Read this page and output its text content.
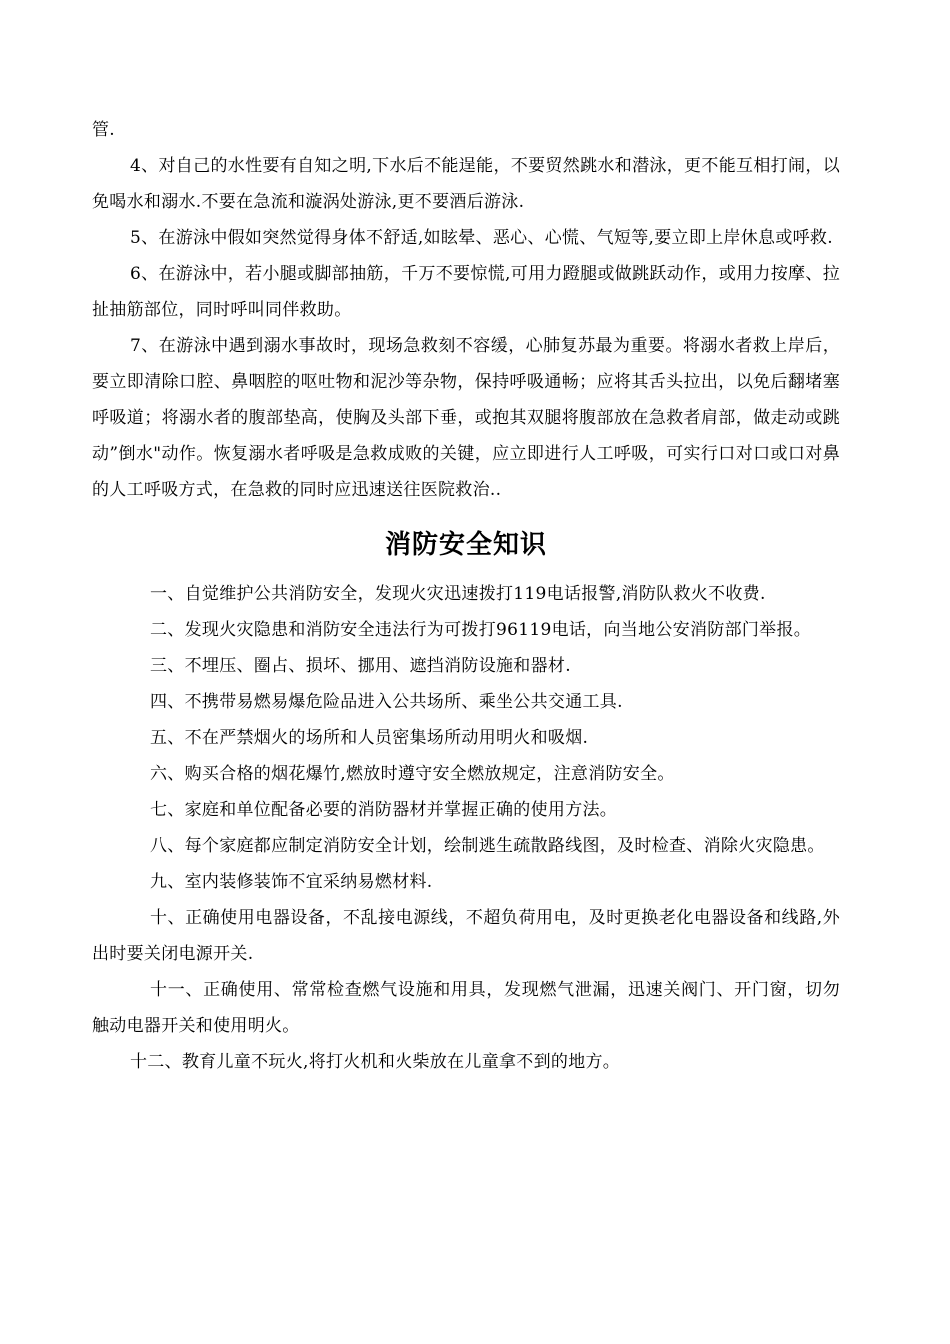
管.

4、对自己的水性要有自知之明,下水后不能逞能，不要贸然跳水和潜泳，更不能互相打闹，以免喝水和溺水.不要在急流和漩涡处游泳,更不要酒后游泳.

5、在游泳中假如突然觉得身体不舒适,如眩晕、恶心、心慌、气短等,要立即上岸休息或呼救.

6、在游泳中，若小腿或脚部抽筋，千万不要惊慌,可用力蹬腿或做跳跃动作，或用力按摩、拉扯抽筋部位，同时呼叫同伴救助。

7、在游泳中遇到溺水事故时，现场急救刻不容缓，心肺复苏最为重要。将溺水者救上岸后，要立即清除口腔、鼻咽腔的呕吐物和泥沙等杂物，保持呼吸通畅；应将其舌头拉出，以免后翻堵塞呼吸道；将溺水者的腹部垫高，使胸及头部下垂，或抱其双腿将腹部放在急救者肩部，做走动或跳动”倒水"动作。恢复溺水者呼吸是急救成败的关键，应立即进行人工呼吸，可实行口对口或口对鼻的人工呼吸方式，在急救的同时应迅速送往医院救治..

消防安全知识

一、自觉维护公共消防安全，发现火灾迅速拨打119电话报警,消防队救火不收费.

二、发现火灾隐患和消防安全违法行为可拨打96119电话，向当地公安消防部门举报。

三、不埋压、圈占、损坏、挪用、遮挡消防设施和器材.

四、不携带易燃易爆危险品进入公共场所、乘坐公共交通工具.

五、不在严禁烟火的场所和人员密集场所动用明火和吸烟.

六、购买合格的烟花爆竹,燃放时遵守安全燃放规定，注意消防安全。

七、家庭和单位配备必要的消防器材并掌握正确的使用方法。

八、每个家庭都应制定消防安全计划，绘制逃生疏散路线图，及时检查、消除火灾隐患。

九、室内装修装饰不宜采纳易燃材料.

十、正确使用电器设备，不乱接电源线，不超负荷用电，及时更换老化电器设备和线路,外出时要关闭电源开关.

十一、正确使用、常常检查燃气设施和用具，发现燃气泄漏，迅速关阀门、开门窗，切勿触动电器开关和使用明火。

十二、教育儿童不玩火,将打火机和火柴放在儿童拿不到的地方。
